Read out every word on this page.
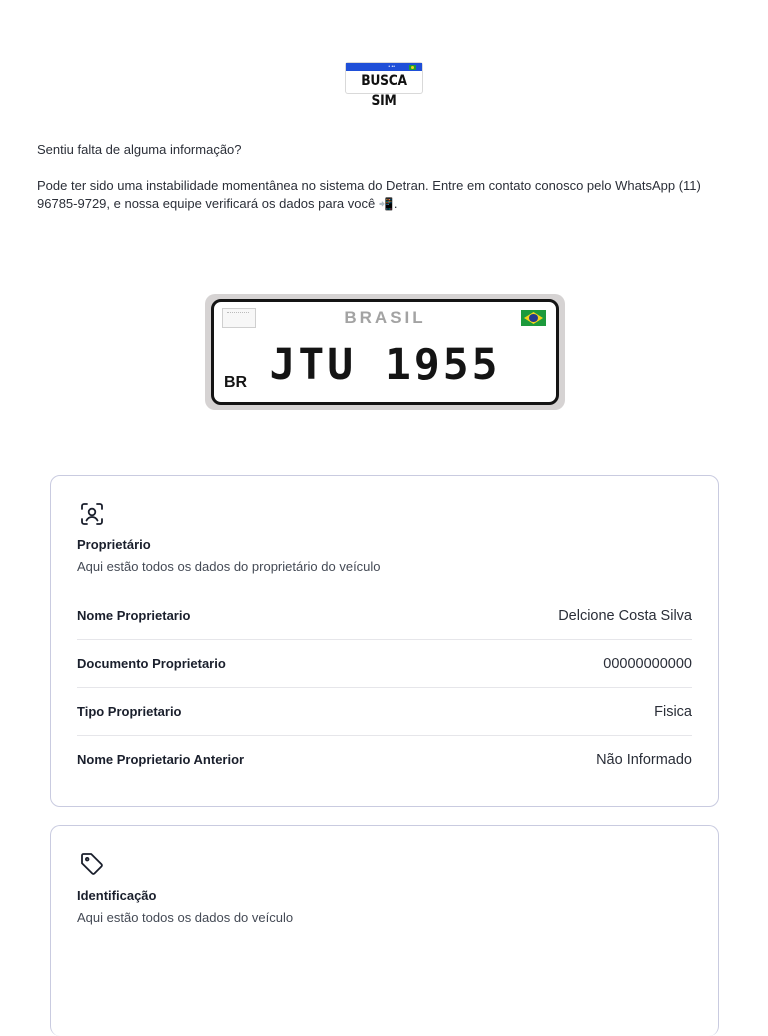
• ••
BUSCA SIM

Sentiu falta de alguma informação?

Pode ter sido uma instabilidade momentânea no sistema do Detran. Entre em contato conosco pelo WhatsApp (11) 96785-9729, e nossa equipe verificará os dados para você 📲.

BRASIL
BR JTU 1955
Proprietário
Aqui estão todos os dados do proprietário do veículo
Nome Proprietario	Delcione Costa Silva
Documento Proprietario	00000000000
Tipo Proprietario	Fisica
Nome Proprietario Anterior	Não Informado
Identificação
Aqui estão todos os dados do veículo
